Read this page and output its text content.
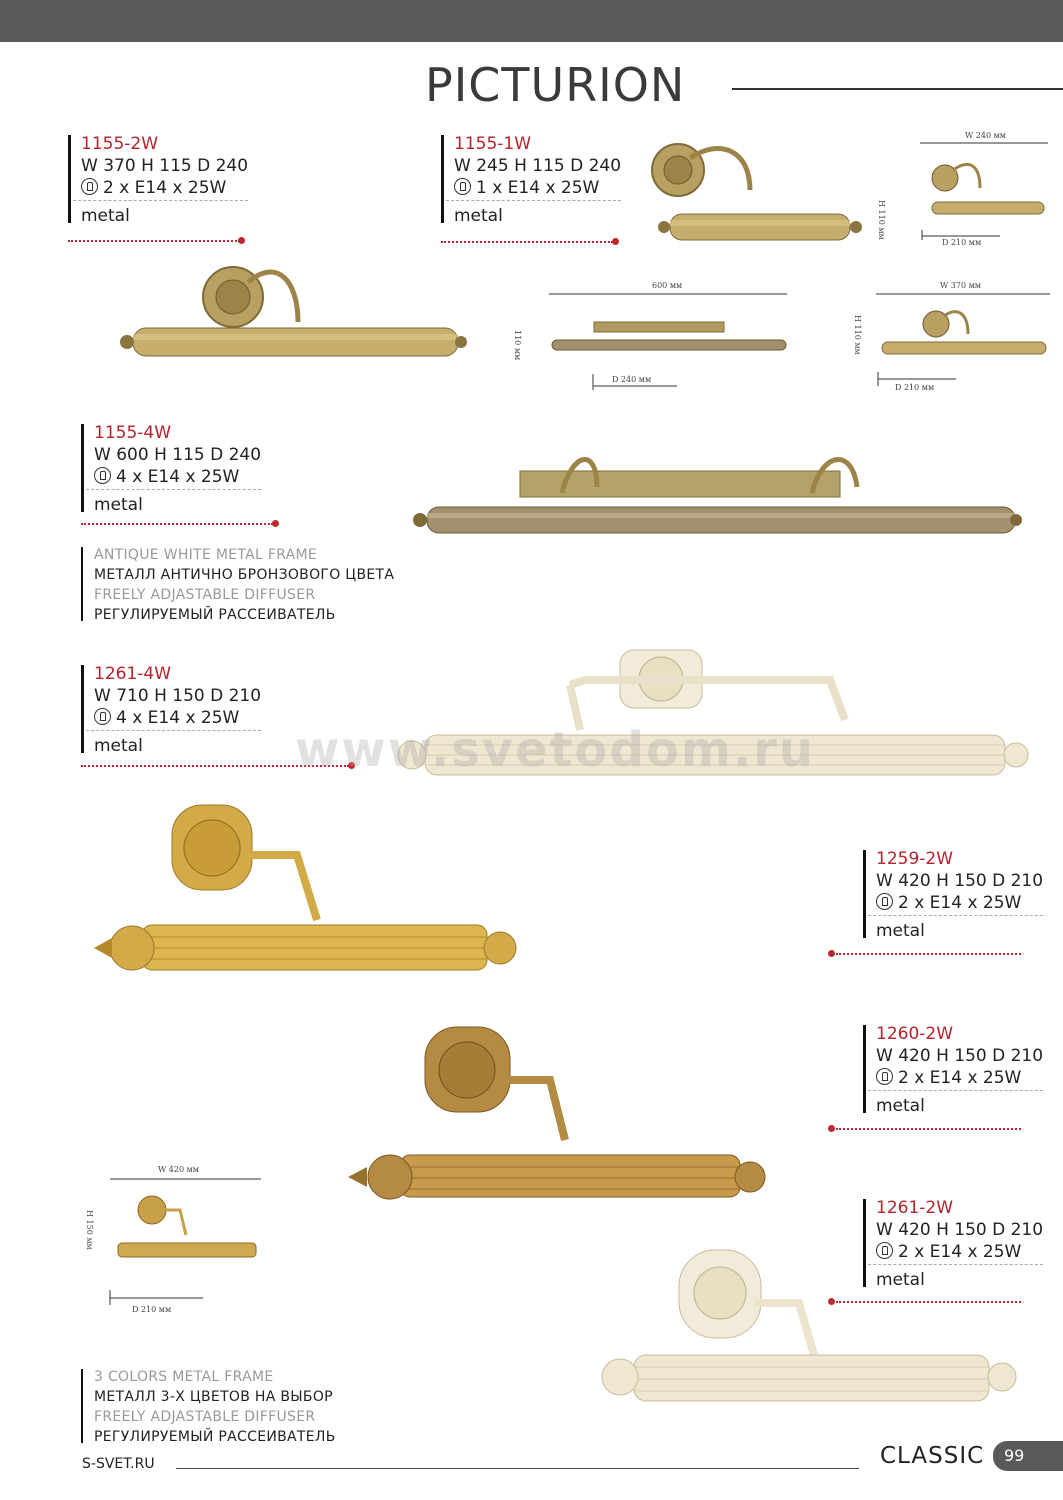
PICTURION
1155-2W
W 370 H 115 D 240
2 x E14 x 25W
metal
1155-1W
W 245 H 115 D 240
1 x E14 x 25W
metal
1155-4W
W 600 H 115 D 240
4 x E14 x 25W
metal
ANTIQUE WHITE METAL FRAME
МЕТАЛЛ АНТИЧНО БРОНЗОВОГО ЦВЕТА
FREELY ADJASTABLE DIFFUSER
РЕГУЛИРУЕМЫЙ РАССЕИВАТЕЛЬ
1261-4W
W 710 H 150 D 210
4 x E14 x 25W
metal
1259-2W
W 420 H 150 D 210
2 x E14 x 25W
metal
1260-2W
W 420 H 150 D 210
2 x E14 x 25W
metal
1261-2W
W 420 H 150 D 210
2 x E14 x 25W
metal
3 COLORS METAL FRAME
МЕТАЛЛ 3-Х ЦВЕТОВ НА ВЫБОР
FREELY ADJASTABLE DIFFUSER
РЕГУЛИРУЕМЫЙ РАССЕИВАТЕЛЬ
W 240 мм
H 110 мм
D 210 мм
600 мм
110 мм
D 240 мм
W 370 мм
H 110 мм
D 210 мм
W 420 мм
H 150 мм
D 210 мм
www.svetodom.ru
S-SVET.RU	CLASSIC 99
